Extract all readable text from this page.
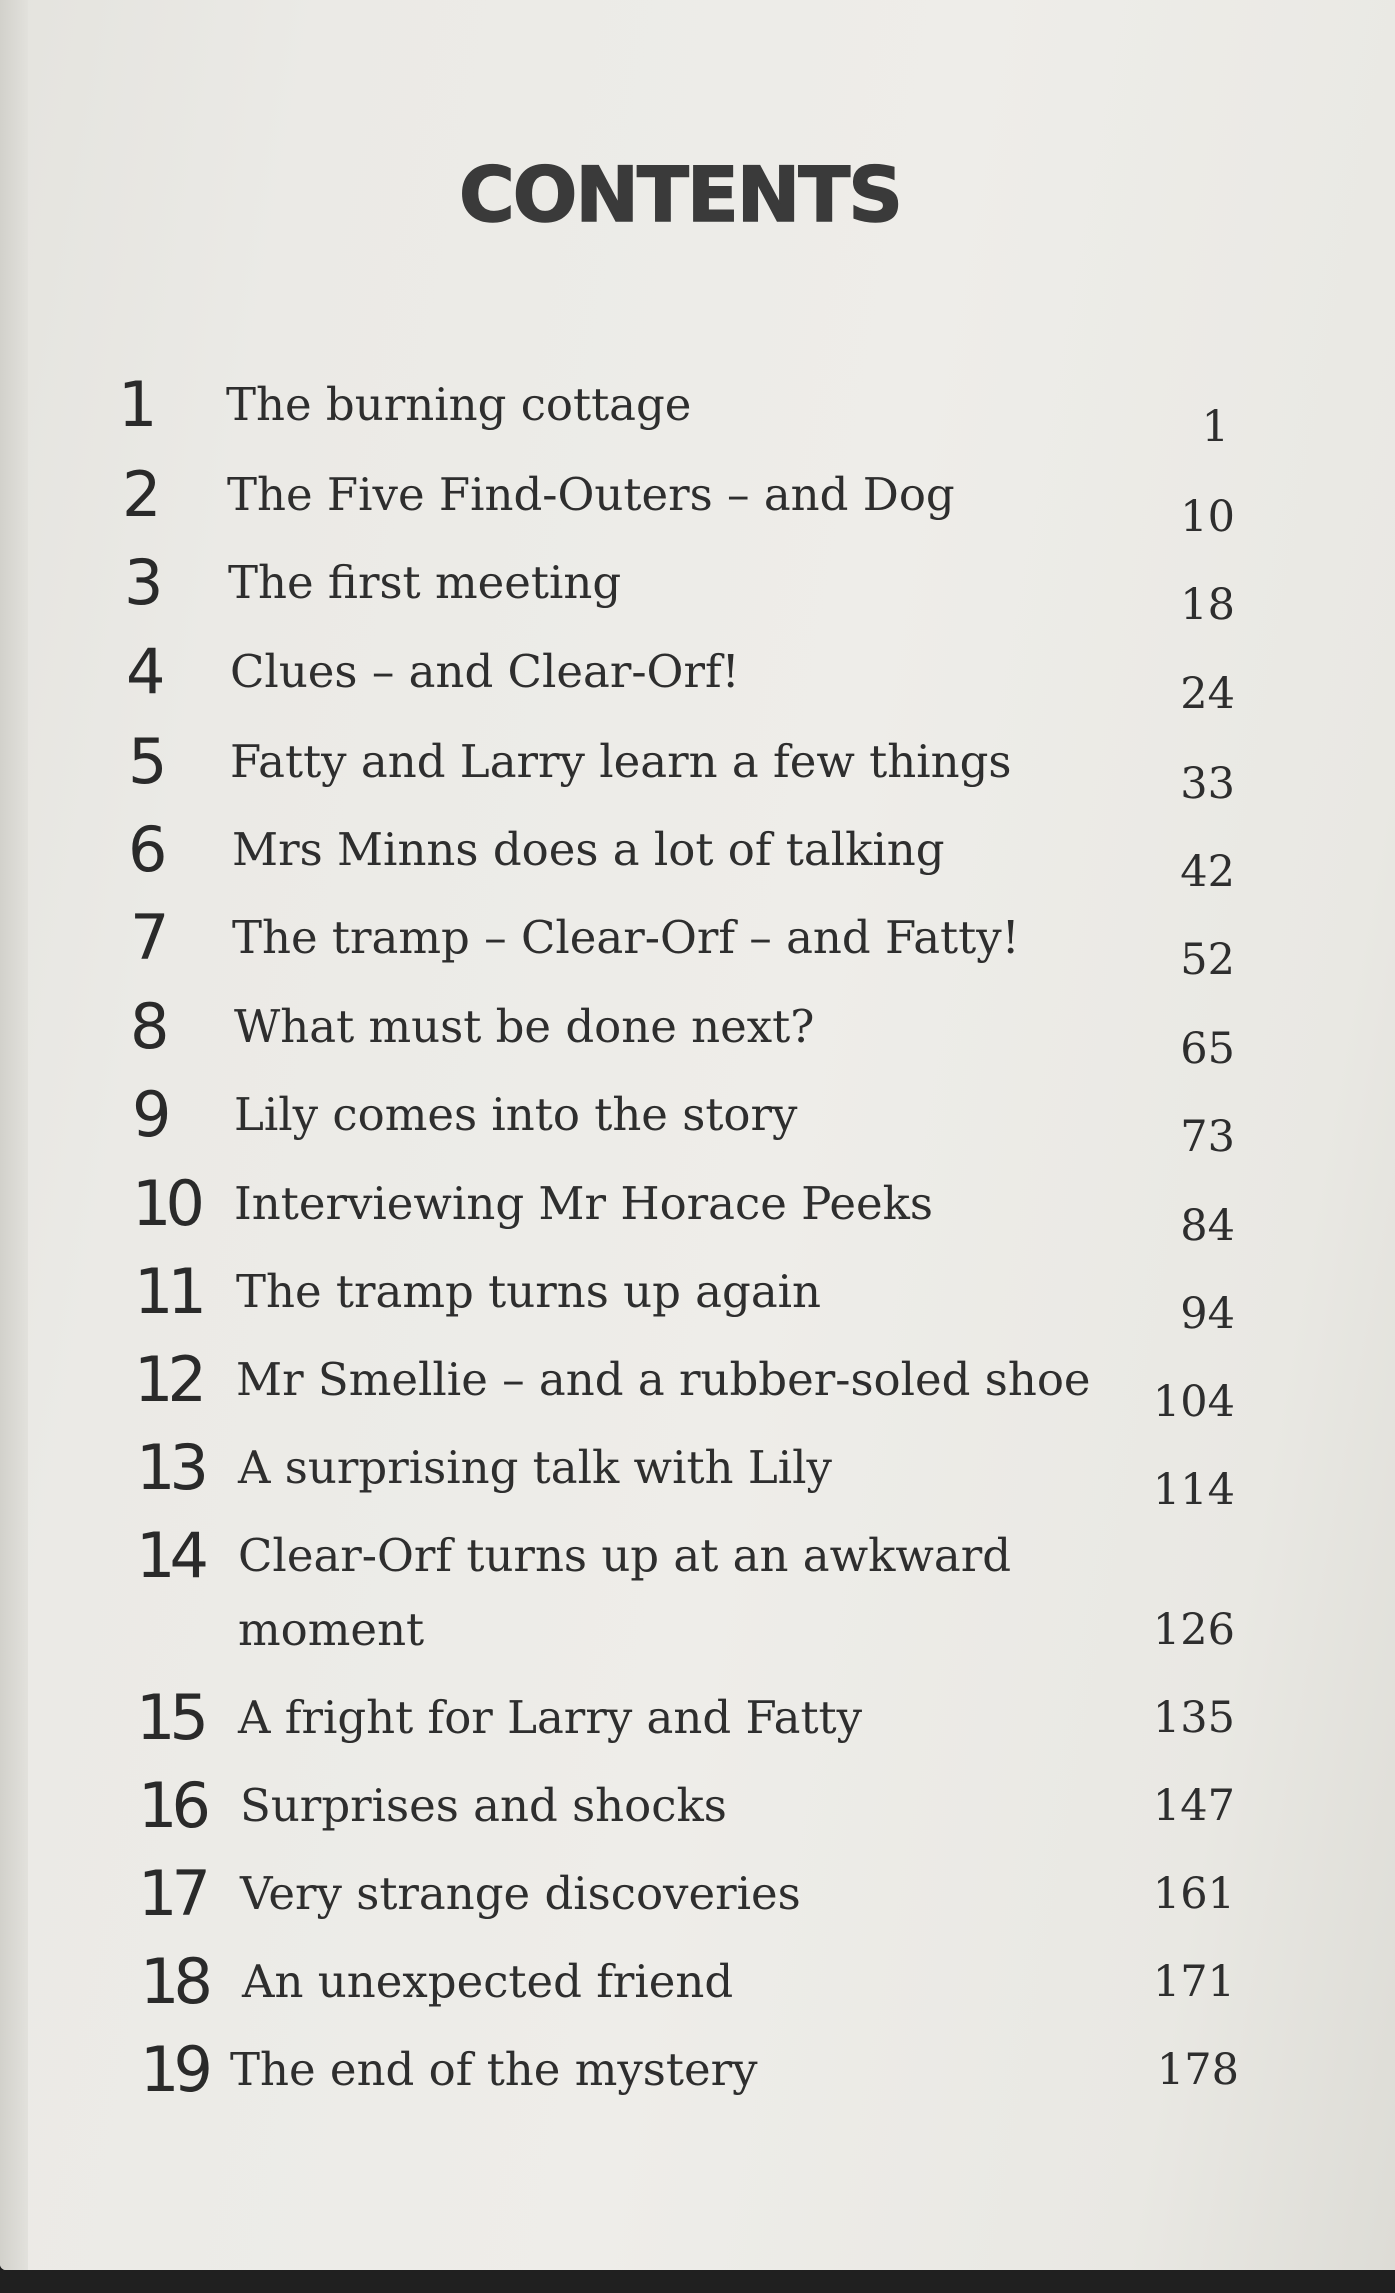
CONTENTS
1	The burning cottage	1
2	The Five Find-Outers – and Dog	10
3	The first meeting	18
4	Clues – and Clear-Orf!	24
5	Fatty and Larry learn a few things	33
6	Mrs Minns does a lot of talking	42
7	The tramp – Clear-Orf – and Fatty!	52
8	What must be done next?	65
9	Lily comes into the story	73
10 Interviewing Mr Horace Peeks	84
11 The tramp turns up again	94
12 Mr Smellie – and a rubber-soled shoe 104
13 A surprising talk with Lily	114
14 Clear-Orf turns up at an awkward
moment	126
15 A fright for Larry and Fatty	135
16 Surprises and shocks	147
17 Very strange discoveries	161
18 An unexpected friend	171
19 The end of the mystery	178
